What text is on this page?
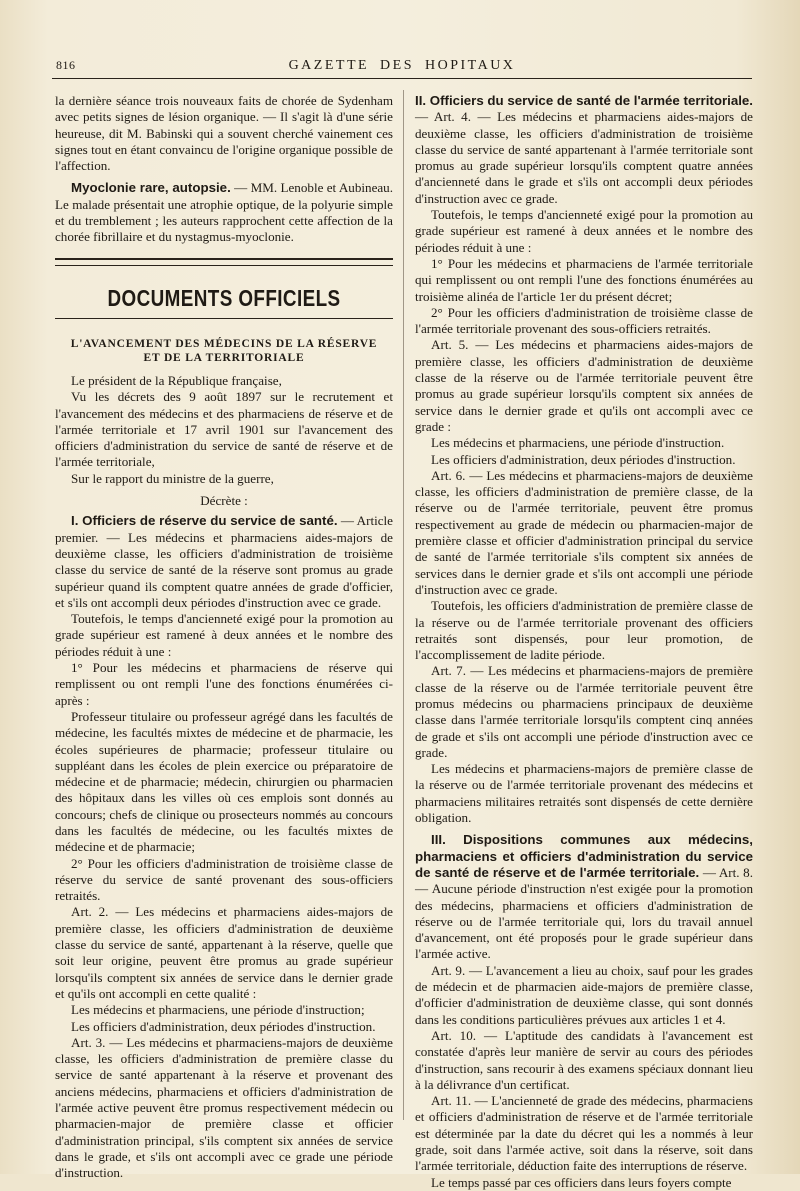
816	GAZETTE DES HOPITAUX

la dernière séance trois nouveaux faits de chorée de Sydenham avec petits signes de lésion organique. — Il s'agit là d'une série heureuse, dit M. Babinski qui a souvent cherché vainement ces signes tout en étant convaincu de l'origine organique possible de l'affection.

Myoclonie rare, autopsie. — MM. Lenoble et Aubineau. Le malade présentait une atrophie optique, de la polyurie simple et du tremblement ; les auteurs rapprochent cette affection de la chorée fibrillaire et du nystagmus-myoclonie.

DOCUMENTS OFFICIELS
L'AVANCEMENT DES MÉDECINS DE LA RÉSERVE ET DE LA TERRITORIALE

Le président de la République française,

Vu les décrets des 9 août 1897 sur le recrutement et l'avancement des médecins et des pharmaciens de réserve et de l'armée territoriale et 17 avril 1901 sur l'avancement des officiers d'administration du service de santé de réserve et de l'armée territoriale,

Sur le rapport du ministre de la guerre,

Décrète :

I. Officiers de réserve du service de santé. — Article premier. — Les médecins et pharmaciens aides-majors de deuxième classe, les officiers d'administration de troisième classe du service de santé de la réserve sont promus au grade supérieur quand ils comptent quatre années de grade d'officier, et s'ils ont accompli deux périodes d'instruction avec ce grade.

Toutefois, le temps d'ancienneté exigé pour la promotion au grade supérieur est ramené à deux années et le nombre des périodes réduit à une :

1° Pour les médecins et pharmaciens de réserve qui remplissent ou ont rempli l'une des fonctions énumérées ci-après :

Professeur titulaire ou professeur agrégé dans les facultés de médecine, les facultés mixtes de médecine et de pharmacie, les écoles supérieures de pharmacie; professeur titulaire ou suppléant dans les écoles de plein exercice ou préparatoire de médecine et de pharmacie; médecin, chirurgien ou pharmacien des hôpitaux dans les villes où ces emplois sont donnés au concours; chefs de clinique ou prosecteurs nommés au concours dans les facultés de médecine, ou les facultés mixtes de médecine et de pharmacie;

2° Pour les officiers d'administration de troisième classe de réserve du service de santé provenant des sous-officiers retraités.

Art. 2. — Les médecins et pharmaciens aides-majors de première classe, les officiers d'administration de deuxième classe du service de santé, appartenant à la réserve, quelle que soit leur origine, peuvent être promus au grade supérieur lorsqu'ils comptent six années de service dans le dernier grade et qu'ils ont accompli en cette qualité :

Les médecins et pharmaciens, une période d'instruction;

Les officiers d'administration, deux périodes d'instruction.

Art. 3. — Les médecins et pharmaciens-majors de deuxième classe, les officiers d'administration de première classe du service de santé appartenant à la réserve et provenant des anciens médecins, pharmaciens et officiers d'administration de l'armée active peuvent être promus respectivement médecin ou pharmacien-major de première classe et officier d'administration principal, s'ils comptent six années de service dans le grade, et s'ils ont accompli avec ce grade une période d'instruction.

II. Officiers du service de santé de l'armée territoriale. — Art. 4. — Les médecins et pharmaciens aides-majors de deuxième classe, les officiers d'administration de troisième classe du service de santé appartenant à l'armée territoriale sont promus au grade supérieur lorsqu'ils comptent quatre années d'ancienneté dans le grade et s'ils ont accompli deux périodes d'instruction avec ce grade.

Toutefois, le temps d'ancienneté exigé pour la promotion au grade supérieur est ramené à deux années et le nombre des périodes réduit à une :

1° Pour les médecins et pharmaciens de l'armée territoriale qui remplissent ou ont rempli l'une des fonctions énumérées au troisième alinéa de l'article 1er du présent décret;

2° Pour les officiers d'administration de troisième classe de l'armée territoriale provenant des sous-officiers retraités.

Art. 5. — Les médecins et pharmaciens aides-majors de première classe, les officiers d'administration de deuxième classe de la réserve ou de l'armée territoriale peuvent être promus au grade supérieur lorsqu'ils comptent six années de service dans le dernier grade et qu'ils ont accompli avec ce grade :

Les médecins et pharmaciens, une période d'instruction.

Les officiers d'administration, deux périodes d'instruction.

Art. 6. — Les médecins et pharmaciens-majors de deuxième classe, les officiers d'administration de première classe, de la réserve ou de l'armée territoriale, peuvent être promus respectivement au grade de médecin ou pharmacien-major de première classe et officier d'administration principal du service de santé de l'armée territoriale s'ils comptent six années de services dans le dernier grade et s'ils ont accompli une période d'instruction avec ce grade.

Toutefois, les officiers d'administration de première classe de la réserve ou de l'armée territoriale provenant des officiers retraités sont dispensés, pour leur promotion, de l'accomplissement de ladite période.

Art. 7. — Les médecins et pharmaciens-majors de première classe de la réserve ou de l'armée territoriale peuvent être promus médecins ou pharmaciens principaux de deuxième classe dans l'armée territoriale lorsqu'ils comptent cinq années de grade et s'ils ont accompli une période d'instruction avec ce grade.

Les médecins et pharmaciens-majors de première classe de la réserve ou de l'armée territoriale provenant des médecins et pharmaciens militaires retraités sont dispensés de cette dernière obligation.

III. Dispositions communes aux médecins, pharmaciens et officiers d'administration du service de santé de réserve et de l'armée territoriale. — Art. 8. — Aucune période d'instruction n'est exigée pour la promotion des médecins, pharmaciens et officiers d'administration de réserve ou de l'armée territoriale qui, lors du travail annuel d'avancement, ont été proposés pour le grade supérieur dans l'armée active.

Art. 9. — L'avancement a lieu au choix, sauf pour les grades de médecin et de pharmacien aide-majors de première classe, d'officier d'administration de deuxième classe, qui sont donnés dans les conditions particulières prévues aux articles 1 et 4.

Art. 10. — L'aptitude des candidats à l'avancement est constatée d'après leur manière de servir au cours des périodes d'instruction, sans recourir à des examens spéciaux donnant lieu à la délivrance d'un certificat.

Art. 11. — L'ancienneté de grade des médecins, pharmaciens et officiers d'administration de réserve et de l'armée territoriale est déterminée par la date du décret qui les a nommés à leur grade, soit dans l'armée active, soit dans la réserve, soit dans l'armée territoriale, déduction faite des interruptions de réserve.

Le temps passé par ces officiers dans leurs foyers compte
